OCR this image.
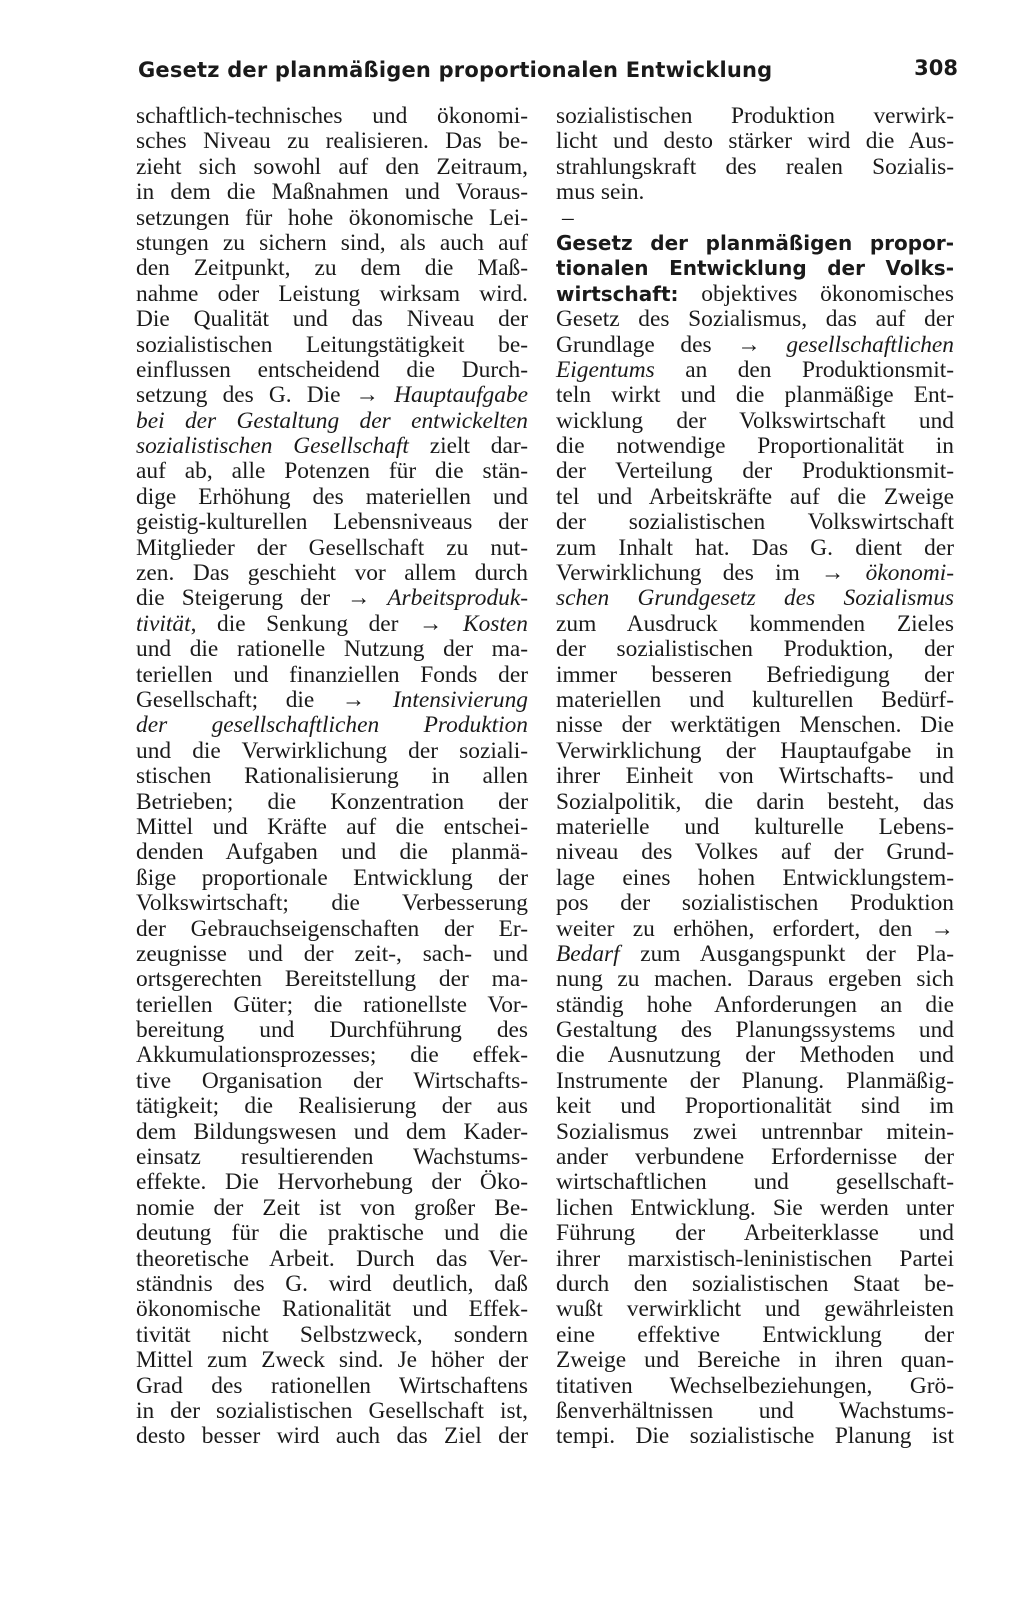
Gesetz der planmäßigen proportionalen Entwicklung	308
schaftlich-technisches und ökonomi-
sches Niveau zu realisieren. Das be-
zieht sich sowohl auf den Zeitraum,
in dem die Maßnahmen und Voraus-
setzungen für hohe ökonomische Lei-
stungen zu sichern sind, als auch auf
den Zeitpunkt, zu dem die Maß-
nahme oder Leistung wirksam wird.
Die Qualität und das Niveau der
sozialistischen Leitungstätigkeit be-
einflussen entscheidend die Durch-
setzung des G. Die → Hauptaufgabe
bei der Gestaltung der entwickelten
sozialistischen Gesellschaft zielt dar-
auf ab, alle Potenzen für die stän-
dige Erhöhung des materiellen und
geistig-kulturellen Lebensniveaus der
Mitglieder der Gesellschaft zu nut-
zen. Das geschieht vor allem durch
die Steigerung der → Arbeitsproduk-
tivität, die Senkung der → Kosten
und die rationelle Nutzung der ma-
teriellen und finanziellen Fonds der
Gesellschaft; die → Intensivierung
der gesellschaftlichen Produktion
und die Verwirklichung der soziali-
stischen Rationalisierung in allen
Betrieben; die Konzentration der
Mittel und Kräfte auf die entschei-
denden Aufgaben und die planmä-
ßige proportionale Entwicklung der
Volkswirtschaft; die Verbesserung
der Gebrauchseigenschaften der Er-
zeugnisse und der zeit-, sach- und
ortsgerechten Bereitstellung der ma-
teriellen Güter; die rationellste Vor-
bereitung und Durchführung des
Akkumulationsprozesses; die effek-
tive Organisation der Wirtschafts-
tätigkeit; die Realisierung der aus
dem Bildungswesen und dem Kader-
einsatz resultierenden Wachstums-
effekte. Die Hervorhebung der Öko-
nomie der Zeit ist von großer Be-
deutung für die praktische und die
theoretische Arbeit. Durch das Ver-
ständnis des G. wird deutlich, daß
ökonomische Rationalität und Effek-
tivität nicht Selbstzweck, sondern
Mittel zum Zweck sind. Je höher der
Grad des rationellen Wirtschaftens
in der sozialistischen Gesellschaft ist,
desto besser wird auch das Ziel der
sozialistischen Produktion verwirk-
licht und desto stärker wird die Aus-
strahlungskraft des realen Sozialis-
mus sein.
–
Gesetz der planmäßigen propor-
tionalen Entwicklung der Volks-
wirtschaft: objektives ökonomisches
Gesetz des Sozialismus, das auf der
Grundlage des → gesellschaftlichen
Eigentums an den Produktionsmit-
teln wirkt und die planmäßige Ent-
wicklung der Volkswirtschaft und
die notwendige Proportionalität in
der Verteilung der Produktionsmit-
tel und Arbeitskräfte auf die Zweige
der sozialistischen Volkswirtschaft
zum Inhalt hat. Das G. dient der
Verwirklichung des im → ökonomi-
schen Grundgesetz des Sozialismus
zum Ausdruck kommenden Zieles
der sozialistischen Produktion, der
immer besseren Befriedigung der
materiellen und kulturellen Bedürf-
nisse der werktätigen Menschen. Die
Verwirklichung der Hauptaufgabe in
ihrer Einheit von Wirtschafts- und
Sozialpolitik, die darin besteht, das
materielle und kulturelle Lebens-
niveau des Volkes auf der Grund-
lage eines hohen Entwicklungstem-
pos der sozialistischen Produktion
weiter zu erhöhen, erfordert, den →
Bedarf zum Ausgangspunkt der Pla-
nung zu machen. Daraus ergeben sich
ständig hohe Anforderungen an die
Gestaltung des Planungssystems und
die Ausnutzung der Methoden und
Instrumente der Planung. Planmäßig-
keit und Proportionalität sind im
Sozialismus zwei untrennbar mitein-
ander verbundene Erfordernisse der
wirtschaftlichen und gesellschaft-
lichen Entwicklung. Sie werden unter
Führung der Arbeiterklasse und
ihrer marxistisch-leninistischen Partei
durch den sozialistischen Staat be-
wußt verwirklicht und gewährleisten
eine effektive Entwicklung der
Zweige und Bereiche in ihren quan-
titativen Wechselbeziehungen, Grö-
ßenverhältnissen und Wachstums-
tempi. Die sozialistische Planung ist
